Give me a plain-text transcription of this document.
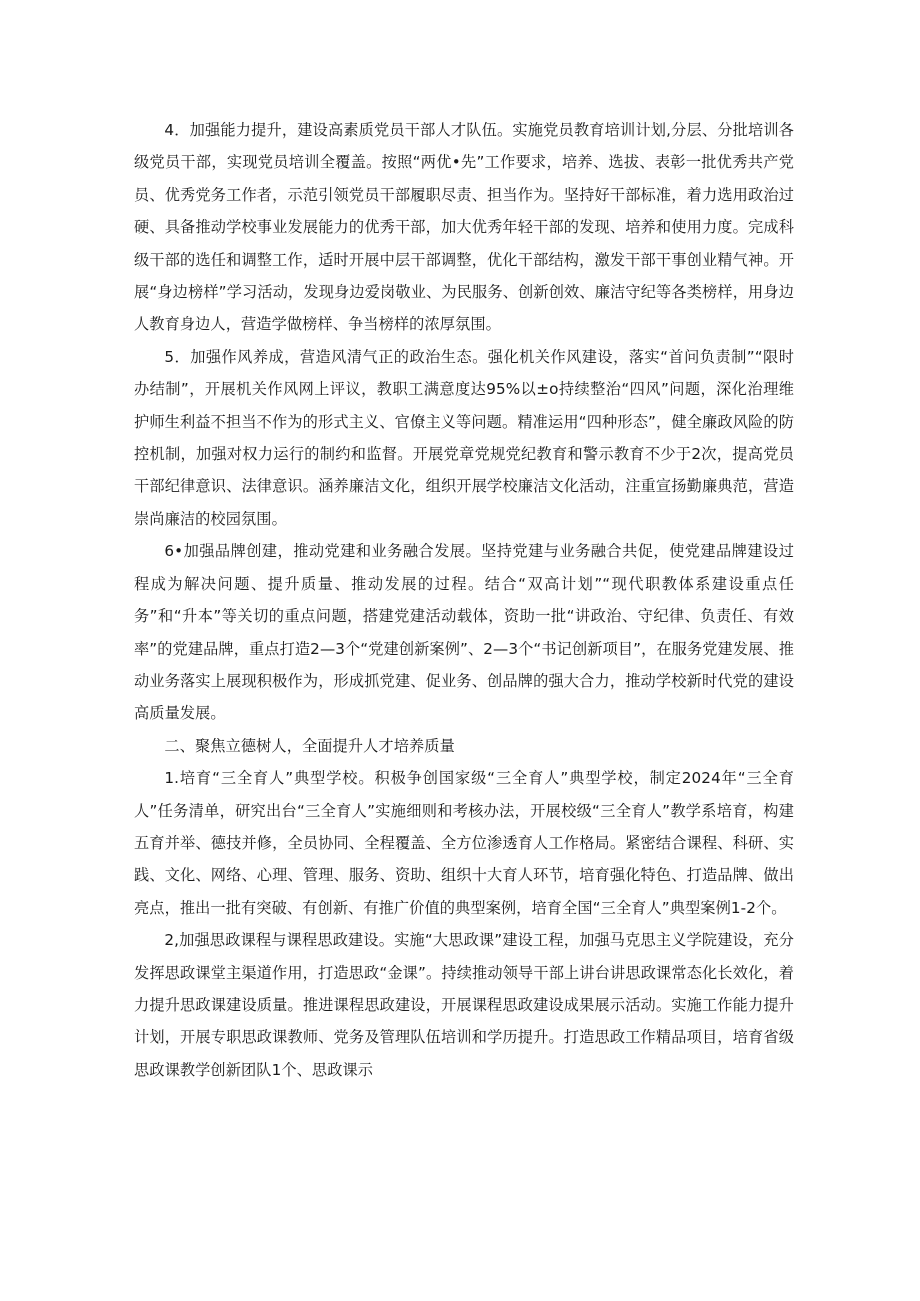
4．加强能力提升，建设高素质党员干部人才队伍。实施党员教育培训计划,分层、分批培训各级党员干部，实现党员培训全覆盖。按照“两优•先”工作要求，培养、选拔、表彰一批优秀共产党员、优秀党务工作者，示范引领党员干部履职尽责、担当作为。坚持好干部标准，着力选用政治过硬、具备推动学校事业发展能力的优秀干部，加大优秀年轻干部的发现、培养和使用力度。完成科级干部的选任和调整工作，适时开展中层干部调整，优化干部结构，激发干部干事创业精气神。开展“身边榜样”学习活动，发现身边爱岗敬业、为民服务、创新创效、廉洁守纪等各类榜样，用身边人教育身边人，营造学做榜样、争当榜样的浓厚氛围。

5．加强作风养成，营造风清气正的政治生态。强化机关作风建设，落实“首问负责制”“限时办结制”，开展机关作风网上评议，教职工满意度达95%以±o持续整治“四风”问题，深化治理维护师生利益不担当不作为的形式主义、官僚主义等问题。精准运用“四种形态”，健全廉政风险的防控机制，加强对权力运行的制约和监督。开展党章党规党纪教育和警示教育不少于2次，提高党员干部纪律意识、法律意识。涵养廉洁文化，组织开展学校廉洁文化活动，注重宣扬勤廉典范，营造崇尚廉洁的校园氛围。

6•加强品牌创建，推动党建和业务融合发展。坚持党建与业务融合共促，使党建品牌建设过程成为解决问题、提升质量、推动发展的过程。结合“双高计划”“现代职教体系建设重点任务”和“升本”等关切的重点问题，搭建党建活动载体，资助一批“讲政治、守纪律、负责任、有效率”的党建品牌，重点打造2—3个“党建创新案例”、2—3个“书记创新项目”，在服务党建发展、推动业务落实上展现积极作为，形成抓党建、促业务、创品牌的强大合力，推动学校新时代党的建设高质量发展。

二、聚焦立德树人，全面提升人才培养质量

1.培育“三全育人”典型学校。积极争创国家级“三全育人”典型学校，制定2024年“三全育人”任务清单，研究出台“三全育人”实施细则和考核办法，开展校级“三全育人”教学系培育，构建五育并举、德技并修，全员协同、全程覆盖、全方位渗透育人工作格局。紧密结合课程、科研、实践、文化、网络、心理、管理、服务、资助、组织十大育人环节，培育强化特色、打造品牌、做出亮点，推出一批有突破、有创新、有推广价值的典型案例，培育全国“三全育人”典型案例1-2个。

2,加强思政课程与课程思政建设。实施“大思政课”建设工程，加强马克思主义学院建设，充分发挥思政课堂主渠道作用，打造思政“金课”。持续推动领导干部上讲台讲思政课常态化长效化，着力提升思政课建设质量。推进课程思政建设，开展课程思政建设成果展示活动。实施工作能力提升计划，开展专职思政课教师、党务及管理队伍培训和学历提升。打造思政工作精品项目，培育省级思政课教学创新团队1个、思政课示
